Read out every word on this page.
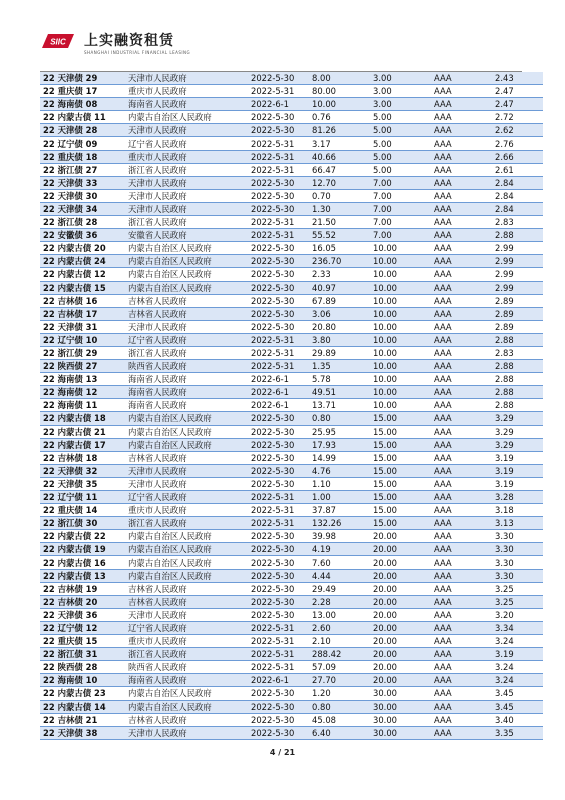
SIIC 上实融资租赁
SHANGHAI INDUSTRIAL FINANCIAL LEASING
22 天津债 29	天津市人民政府	2022-5-30	8.00	3.00	AAA	2.43
22 重庆债 17	重庆市人民政府	2022-5-31	80.00	3.00	AAA	2.47
22 海南债 08	海南省人民政府	2022-6-1	10.00	3.00	AAA	2.47
22 内蒙古债 11	内蒙古自治区人民政府	2022-5-30	0.76	5.00	AAA	2.72
22 天津债 28	天津市人民政府	2022-5-30	81.26	5.00	AAA	2.62
22 辽宁债 09	辽宁省人民政府	2022-5-31	3.17	5.00	AAA	2.76
22 重庆债 18	重庆市人民政府	2022-5-31	40.66	5.00	AAA	2.66
22 浙江债 27	浙江省人民政府	2022-5-31	66.47	5.00	AAA	2.61
22 天津债 33	天津市人民政府	2022-5-30	12.70	7.00	AAA	2.84
22 天津债 30	天津市人民政府	2022-5-30	0.70	7.00	AAA	2.84
22 天津债 34	天津市人民政府	2022-5-30	1.30	7.00	AAA	2.84
22 浙江债 28	浙江省人民政府	2022-5-31	21.50	7.00	AAA	2.83
22 安徽债 36	安徽省人民政府	2022-5-31	55.52	7.00	AAA	2.88
22 内蒙古债 20	内蒙古自治区人民政府	2022-5-30	16.05	10.00	AAA	2.99
22 内蒙古债 24	内蒙古自治区人民政府	2022-5-30	236.70	10.00	AAA	2.99
22 内蒙古债 12	内蒙古自治区人民政府	2022-5-30	2.33	10.00	AAA	2.99
22 内蒙古债 15	内蒙古自治区人民政府	2022-5-30	40.97	10.00	AAA	2.99
22 吉林债 16	吉林省人民政府	2022-5-30	67.89	10.00	AAA	2.89
22 吉林债 17	吉林省人民政府	2022-5-30	3.06	10.00	AAA	2.89
22 天津债 31	天津市人民政府	2022-5-30	20.80	10.00	AAA	2.89
22 辽宁债 10	辽宁省人民政府	2022-5-31	3.80	10.00	AAA	2.88
22 浙江债 29	浙江省人民政府	2022-5-31	29.89	10.00	AAA	2.83
22 陕西债 27	陕西省人民政府	2022-5-31	1.35	10.00	AAA	2.88
22 海南债 13	海南省人民政府	2022-6-1	5.78	10.00	AAA	2.88
22 海南债 12	海南省人民政府	2022-6-1	49.51	10.00	AAA	2.88
22 海南债 11	海南省人民政府	2022-6-1	13.71	10.00	AAA	2.88
22 内蒙古债 18	内蒙古自治区人民政府	2022-5-30	0.80	15.00	AAA	3.29
22 内蒙古债 21	内蒙古自治区人民政府	2022-5-30	25.95	15.00	AAA	3.29
22 内蒙古债 17	内蒙古自治区人民政府	2022-5-30	17.93	15.00	AAA	3.29
22 吉林债 18	吉林省人民政府	2022-5-30	14.99	15.00	AAA	3.19
22 天津债 32	天津市人民政府	2022-5-30	4.76	15.00	AAA	3.19
22 天津债 35	天津市人民政府	2022-5-30	1.10	15.00	AAA	3.19
22 辽宁债 11	辽宁省人民政府	2022-5-31	1.00	15.00	AAA	3.28
22 重庆债 14	重庆市人民政府	2022-5-31	37.87	15.00	AAA	3.18
22 浙江债 30	浙江省人民政府	2022-5-31	132.26	15.00	AAA	3.13
22 内蒙古债 22	内蒙古自治区人民政府	2022-5-30	39.98	20.00	AAA	3.30
22 内蒙古债 19	内蒙古自治区人民政府	2022-5-30	4.19	20.00	AAA	3.30
22 内蒙古债 16	内蒙古自治区人民政府	2022-5-30	7.60	20.00	AAA	3.30
22 内蒙古债 13	内蒙古自治区人民政府	2022-5-30	4.44	20.00	AAA	3.30
22 吉林债 19	吉林省人民政府	2022-5-30	29.49	20.00	AAA	3.25
22 吉林债 20	吉林省人民政府	2022-5-30	2.28	20.00	AAA	3.25
22 天津债 36	天津市人民政府	2022-5-30	13.00	20.00	AAA	3.20
22 辽宁债 12	辽宁省人民政府	2022-5-31	2.60	20.00	AAA	3.34
22 重庆债 15	重庆市人民政府	2022-5-31	2.10	20.00	AAA	3.24
22 浙江债 31	浙江省人民政府	2022-5-31	288.42	20.00	AAA	3.19
22 陕西债 28	陕西省人民政府	2022-5-31	57.09	20.00	AAA	3.24
22 海南债 10	海南省人民政府	2022-6-1	27.70	20.00	AAA	3.24
22 内蒙古债 23	内蒙古自治区人民政府	2022-5-30	1.20	30.00	AAA	3.45
22 内蒙古债 14	内蒙古自治区人民政府	2022-5-30	0.80	30.00	AAA	3.45
22 吉林债 21	吉林省人民政府	2022-5-30	45.08	30.00	AAA	3.40
22 天津债 38	天津市人民政府	2022-5-30	6.40	30.00	AAA	3.35
4 / 21
